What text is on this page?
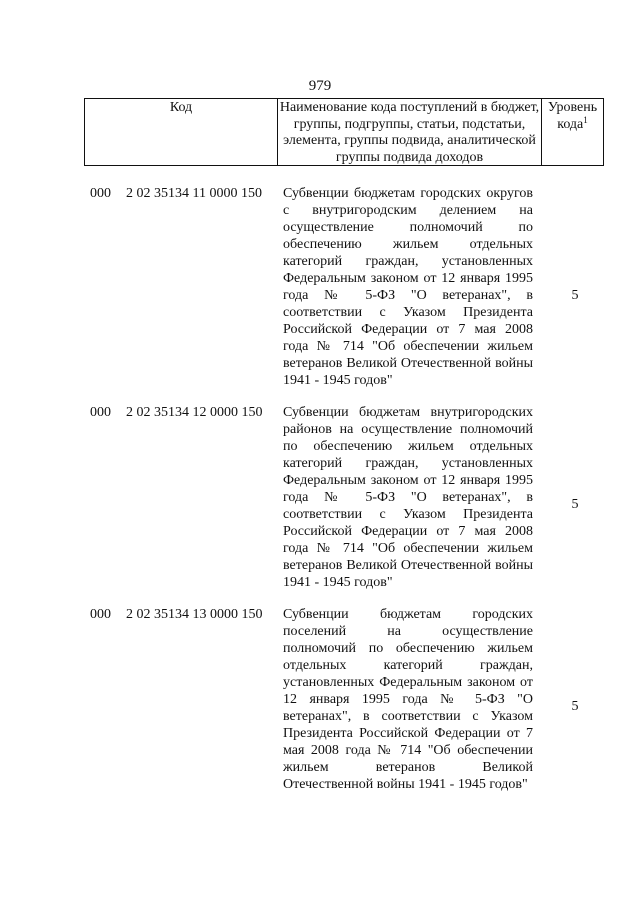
979
Код	Наименование кода поступлений в бюджет, группы, подгруппы, статьи, подстатьи, элемента, группы подвида, аналитической группы подвида доходов
Уровень кода$^1$
000 2 02 35134 11 0000 150 Субвенции бюджетам городских округов с внутригородским делением на осуществление полномочий по обеспечению жильем отдельных категорий граждан, установленных Федеральным законом от 12 января 1995 года № 5-ФЗ "О ветеранах", в соответствии с Указом Президента Российской Федерации от 7 мая 2008 года № 714 "Об обеспечении жильем ветеранов Великой Отечественной войны 1941 - 1945 годов"
5
000 2 02 35134 12 0000 150 Субвенции бюджетам внутригородских районов на осуществление полномочий по обеспечению жильем отдельных категорий граждан, установленных Федеральным законом от 12 января 1995 года № 5-ФЗ "О ветеранах", в соответствии с Указом Президента Российской Федерации от 7 мая 2008 года № 714 "Об обеспечении жильем ветеранов Великой Отечественной войны 1941 - 1945 годов"
5
000 2 02 35134 13 0000 150 Субвенции бюджетам городских поселений на осуществление полномочий по обеспечению жильем отдельных категорий граждан, установленных Федеральным законом от 12 января 1995 года № 5-ФЗ "О ветеранах", в соответствии с Указом Президента Российской Федерации от 7 мая 2008 года № 714 "Об обеспечении жильем ветеранов Великой Отечественной войны 1941 - 1945 годов"
5
